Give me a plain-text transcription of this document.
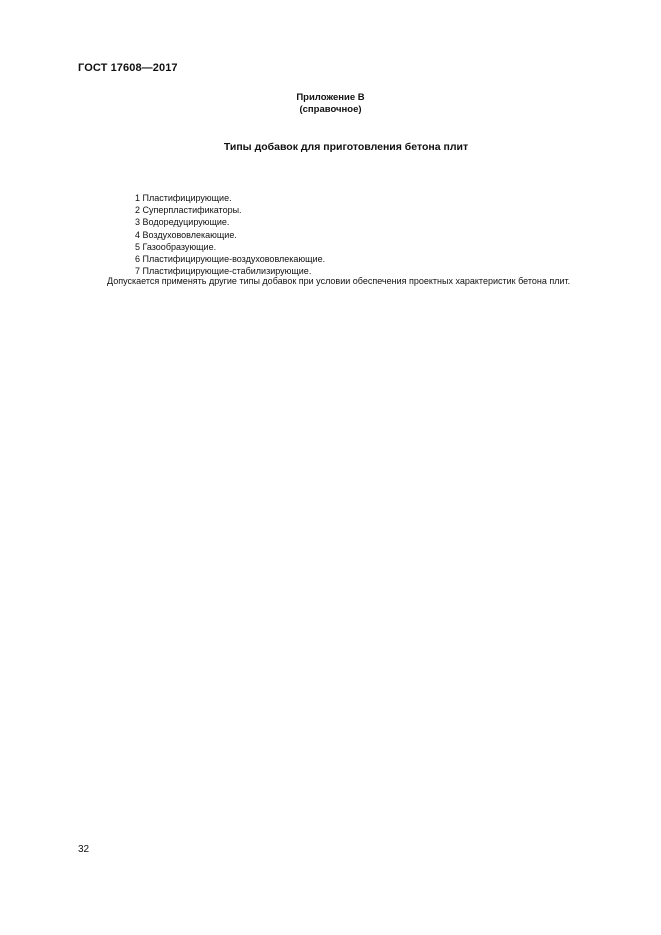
ГОСТ 17608—2017
Приложение В
(справочное)
Типы добавок для приготовления бетона плит
1 Пластифицирующие.
2 Суперпластификаторы.
3 Водоредуцирующие.
4 Воздухововлекающие.
5 Газообразующие.
6 Пластифицирующие-воздухововлекающие.
7 Пластифицирующие-стабилизирующие.
Допускается применять другие типы добавок при условии обеспечения проектных характеристик бетона плит.
32
